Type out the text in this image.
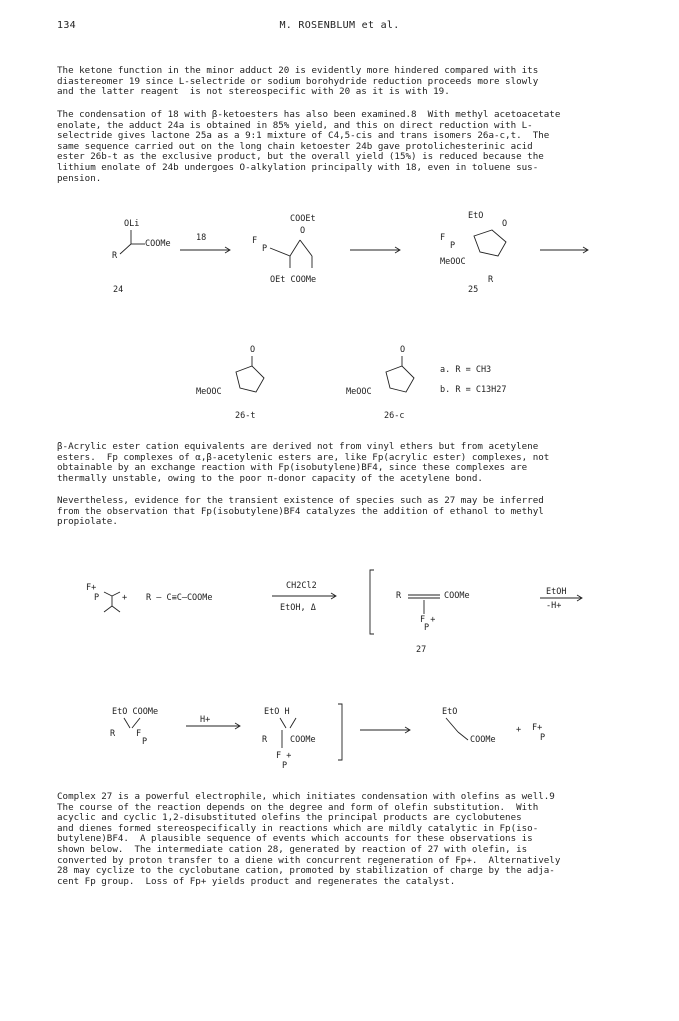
134	M. ROSENBLUM et al.

The ketone function in the minor adduct 20 is evidently more hindered compared with its
diastereomer 19 since L-selectride or sodium borohydride reduction proceeds more slowly
and the latter reagent  is not stereospecific with 20 as it is with 19.

The condensation of 18 with β-ketoesters has also been examined.8  With methyl acetoacetate
enolate, the adduct 24a is obtained in 85% yield, and this on direct reduction with L-
selectride gives lactone 25a as a 9:1 mixture of C4,5-cis and trans isomers 26a-c,t.  The
same sequence carried out on the long chain ketoester 24b gave protolichesterinic acid
ester 26b-t as the exclusive product, but the overall yield (15%) is reduced because the
lithium enolate of 24b undergoes O-alkylation principally with 18, even in toluene sus-
pension.

OLi
COOMe
R
18
24
COOEt
O
F
P
OEt COOMe
EtO
O
F
P
MeOOC
R
25
O
MeOOC
26-t
O
MeOOC
26-c
a. R = CH3
b. R = C13H27

β-Acrylic ester cation equivalents are derived not from vinyl ethers but from acetylene
esters.  Fp complexes of α,β-acetylenic esters are, like Fp(acrylic ester) complexes, not
obtainable by an exchange reaction with Fp(isobutylene)BF4, since these complexes are
thermally unstable, owing to the poor π-donor capacity of the acetylene bond.

Nevertheless, evidence for the transient existence of species such as 27 may be inferred
from the observation that Fp(isobutylene)BF4 catalyzes the addition of ethanol to methyl
propiolate.

F+
P	+ R — C≡C—COOMe
CH2Cl2
EtOH, Δ
R	COOMe
F +
P
27
EtOH
-H+
EtO COOMe
R F
P
H+
EtO H
R	COOMe
F +
P
EtO
COOMe
+ F+
P

Complex 27 is a powerful electrophile, which initiates condensation with olefins as well.9
The course of the reaction depends on the degree and form of olefin substitution.  With
acyclic and cyclic 1,2-disubstituted olefins the principal products are cyclobutenes
and dienes formed stereospecifically in reactions which are mildly catalytic in Fp(iso-
butylene)BF4.  A plausible sequence of events which accounts for these observations is
shown below.  The intermediate cation 28, generated by reaction of 27 with olefin, is
converted by proton transfer to a diene with concurrent regeneration of Fp+.  Alternatively
28 may cyclize to the cyclobutane cation, promoted by stabilization of charge by the adja-
cent Fp group.  Loss of Fp+ yields product and regenerates the catalyst.
